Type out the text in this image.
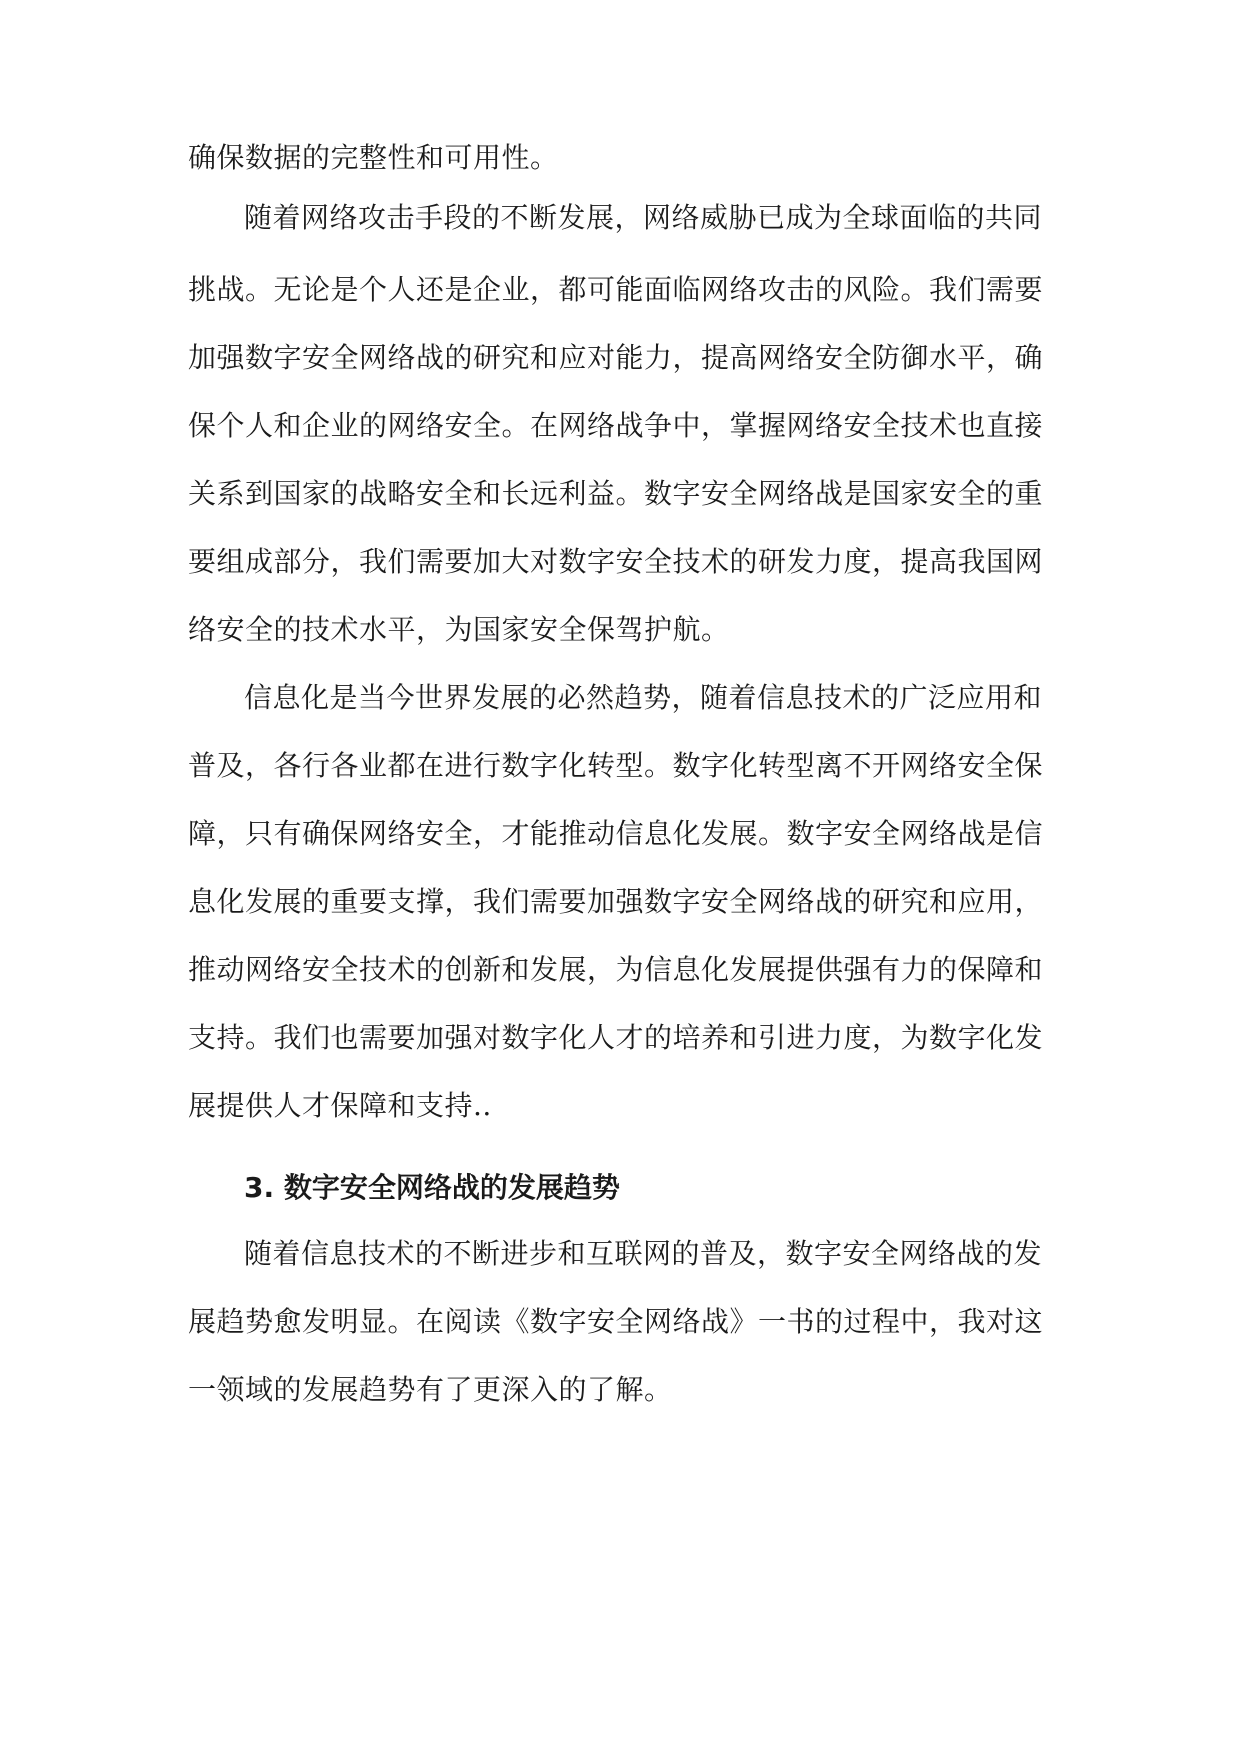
确保数据的完整性和可用性。
随着网络攻击手段的不断发展，网络威胁已成为全球面临的共同
挑战。无论是个人还是企业，都可能面临网络攻击的风险。我们需要
加强数字安全网络战的研究和应对能力，提高网络安全防御水平，确
保个人和企业的网络安全。在网络战争中，掌握网络安全技术也直接
关系到国家的战略安全和长远利益。数字安全网络战是国家安全的重
要组成部分，我们需要加大对数字安全技术的研发力度，提高我国网
络安全的技术水平，为国家安全保驾护航。
信息化是当今世界发展的必然趋势，随着信息技术的广泛应用和
普及，各行各业都在进行数字化转型。数字化转型离不开网络安全保
障，只有确保网络安全，才能推动信息化发展。数字安全网络战是信
息化发展的重要支撑，我们需要加强数字安全网络战的研究和应用，
推动网络安全技术的创新和发展，为信息化发展提供强有力的保障和
支持。我们也需要加强对数字化人才的培养和引进力度，为数字化发
展提供人才保障和支持..
3. 数字安全网络战的发展趋势
随着信息技术的不断进步和互联网的普及，数字安全网络战的发
展趋势愈发明显。在阅读《数字安全网络战》一书的过程中，我对这
一领域的发展趋势有了更深入的了解。
